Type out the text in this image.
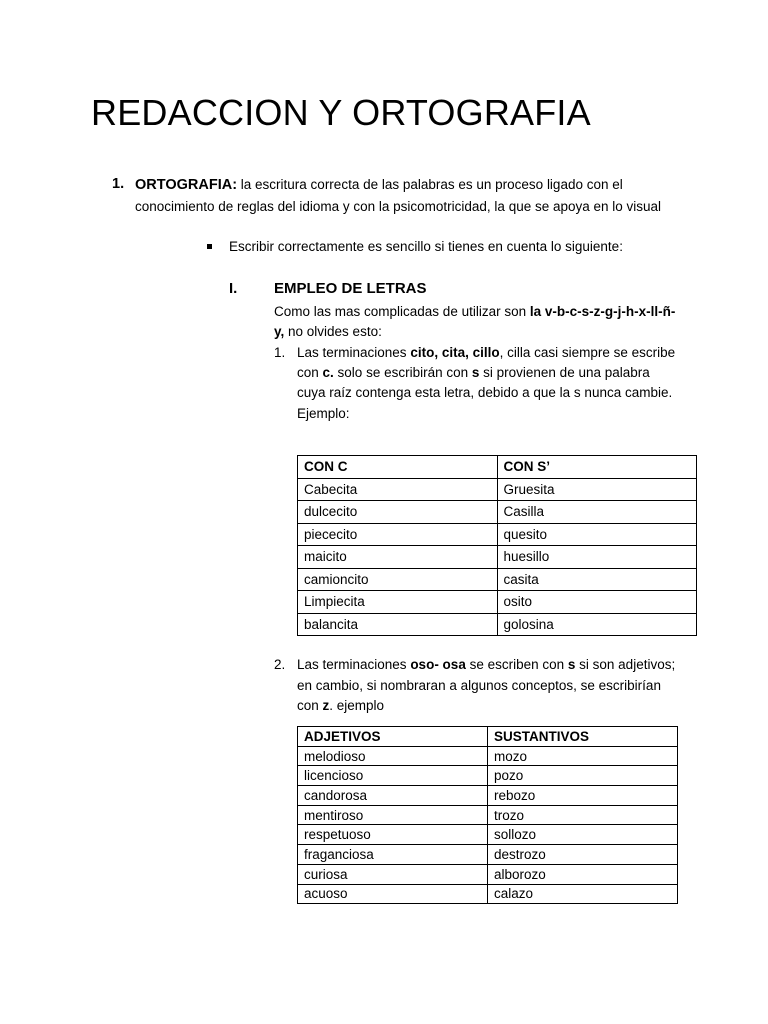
REDACCION Y ORTOGRAFIA
1. ORTOGRAFIA: la escritura correcta de las palabras es un proceso ligado con el
conocimiento de reglas del idioma y con la psicomotricidad, la que se apoya en lo visual
Escribir correctamente es sencillo si tienes en cuenta lo siguiente:
I. EMPLEO DE LETRAS
Como las mas complicadas de utilizar son la v-b-c-s-z-g-j-h-x-ll-ñ-
y, no olvides esto:
1. Las terminaciones cito, cita, cillo, cilla casi siempre se escribe
con c. solo se escribirán con s si provienen de una palabra
cuya raíz contenga esta letra, debido a que la s nunca cambie.
Ejemplo:
CON C	CON S’
Cabecita	Gruesita
dulcecito	Casilla
piececito	quesito
maicito	huesillo
camioncito	casita
Limpiecita	osito
balancita	golosina
2. Las terminaciones oso- osa se escriben con s si son adjetivos;
en cambio, si nombraran a algunos conceptos, se escribirían
con z. ejemplo
ADJETIVOS	SUSTANTIVOS
melodioso	mozo
licencioso	pozo
candorosa	rebozo
mentiroso	trozo
respetuoso	sollozo
fraganciosa	destrozo
curiosa	alborozo
acuoso	calazo
